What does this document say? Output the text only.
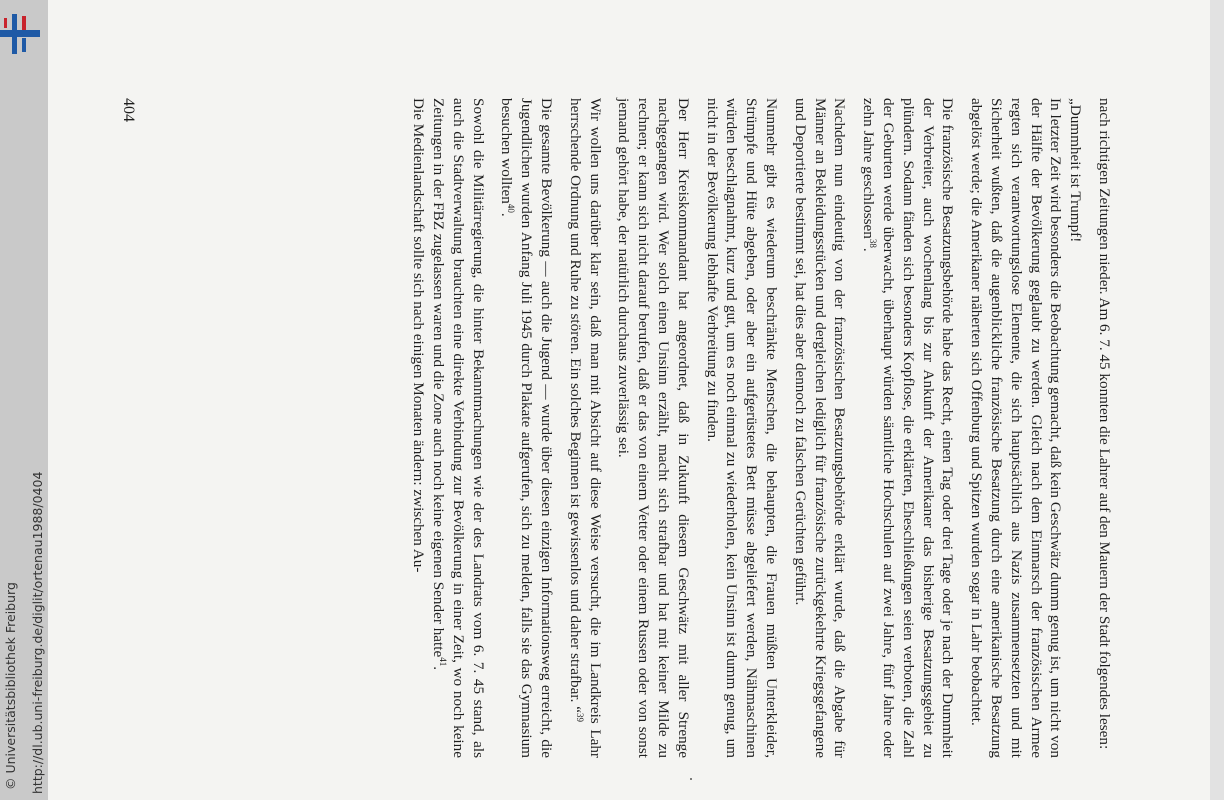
© Universitätsbibliothek Freiburg http://dl.ub.uni-freiburg.de/diglit/ortenau1988/0404	nach richtigen Zeitungen nieder. Am 6. 7. 45 konnten die Lahrer auf den Mauern der Stadt folgendes lesen:

„Dummheit ist Trumpf!

In letzter Zeit wird besonders die Beobachtung gemacht, daß kein Geschwätz dumm genug ist, um nicht von der Hälfte der Bevölkerung geglaubt zu werden. Gleich nach dem Einmarsch der französischen Armee regten sich verantwortungslose Elemente, die sich hauptsächlich aus Nazis zusammensetzten und mit Sicherheit wußten, daß die augenblickliche französische Besatzung durch eine amerikanische Besatzung abgelöst werde; die Amerikaner näherten sich Offenburg und Spitzen wurden sogar in Lahr beobachtet.

Die französische Besatzungsbehörde habe das Recht, einen Tag oder drei Tage oder je nach der Dummheit der Verbreiter, auch wochenlang bis zur Ankunft der Amerikaner das bisherige Besatzungsgebiet zu plündern. Sodann fänden sich besonders Kopflose, die erklärten, Eheschließungen seien verboten, die Zahl der Geburten werde überwacht, überhaupt würden sämtliche Hochschulen auf zwei Jahre, fünf Jahre oder zehn Jahre geschlossen$^{38}$.

Nachdem nun eindeutig von der französischen Besatzungsbehörde erklärt wurde, daß die Abgabe für Männer an Bekleidungsstücken und dergleichen lediglich für französische zurückgekehrte Kriegsgefangene und Deportierte bestimmt sei, hat dies aber dennoch zu falschen Gerüchten geführt.

Nunmehr gibt es wiederum beschränkte Menschen, die behaupten, die Frauen müßten Unterkleider, Strümpfe und Hüte abgeben, oder aber ein aufgerüstetes Bett müsse abgeliefert werden, Nähmaschinen würden beschlagnahmt, kurz und gut, um es noch einmal zu wiederholen, kein Unsinn ist dumm genug, um nicht in der Bevölkerung lebhafte Verbreitung zu finden.

Der Herr Kreiskommandant hat angeordnet, daß in Zukunft diesem Geschwätz mit aller Strenge nachgegangen wird. Wer solch einen Unsinn erzählt, macht sich strafbar und hat mit keiner Milde zu rechnen; er kann sich nicht darauf berufen, daß er das von einem Vetter oder einem Russen oder von sonst jemand gehört habe, der natürlich durchaus zuverlässig sei.

Wir wollen uns darüber klar sein, daß man mit Absicht auf diese Weise versucht, die im Landkreis Lahr herrschende Ordnung und Ruhe zu stören. Ein solches Beginnen ist gewissenlos und daher strafbar. “$^{39}$

Die gesamte Bevölkerung — auch die Jugend — wurde über diesen einzigen Informationsweg erreicht, die Jugendlichen wurden Anfang Juli 1945 durch Plakate aufgerufen, sich zu melden, falls sie das Gymnasium besuchen wollten$^{40}$.

Sowohl die Militärregierung, die hinter Bekanntmachungen wie der des Landrats vom 6. 7. 45 stand, als auch die Stadtverwaltung brauchten eine direkte Verbindung zur Bevölkerung in einer Zeit, wo noch keine Zeitungen in der FBZ zugelassen waren und die Zone auch noch keine eigenen Sender hatte$^{41}$.

Die Medienlandschaft sollte sich nach einigen Monaten ändern: zwischen Au-

404
